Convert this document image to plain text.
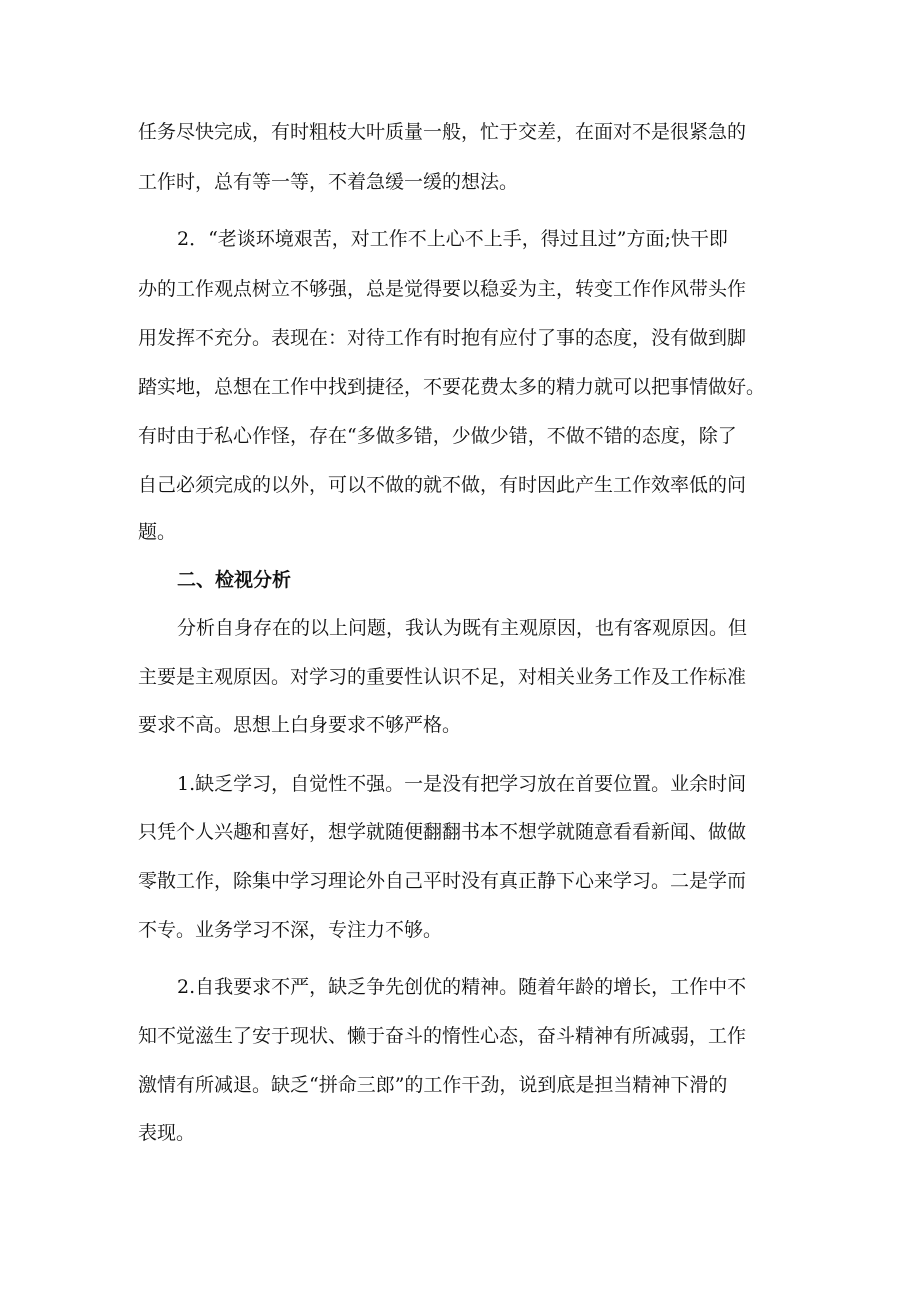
任务尽快完成，有时粗枝大叶质量一般，忙于交差，在面对不是很紧急的
工作时，总有等一等，不着急缓一缓的想法。
2．“老谈环境艰苦，对工作不上心不上手，得过且过”方面;快干即
办的工作观点树立不够强，总是觉得要以稳妥为主，转变工作作风带头作
用发挥不充分。表现在：对待工作有时抱有应付了事的态度，没有做到脚
踏实地，总想在工作中找到捷径，不要花费太多的精力就可以把事情做好。
有时由于私心作怪，存在“多做多错，少做少错，不做不错的态度，除了
自己必须完成的以外，可以不做的就不做，有时因此产生工作效率低的问
题。
二、检视分析
分析自身存在的以上问题，我认为既有主观原因，也有客观原因。但
主要是主观原因。对学习的重要性认识不足，对相关业务工作及工作标准
要求不高。思想上白身要求不够严格。
1.缺乏学习，自觉性不强。一是没有把学习放在首要位置。业余时间
只凭个人兴趣和喜好，想学就随便翻翻书本不想学就随意看看新闻、做做
零散工作，除集中学习理论外自己平时没有真正静下心来学习。二是学而
不专。业务学习不深，专注力不够。
2.自我要求不严，缺乏争先创优的精神。随着年龄的增长，工作中不
知不觉滋生了安于现状、懒于奋斗的惰性心态，奋斗精神有所减弱，工作
激情有所减退。缺乏“拼命三郎”的工作干劲，说到底是担当精神下滑的
表现。
